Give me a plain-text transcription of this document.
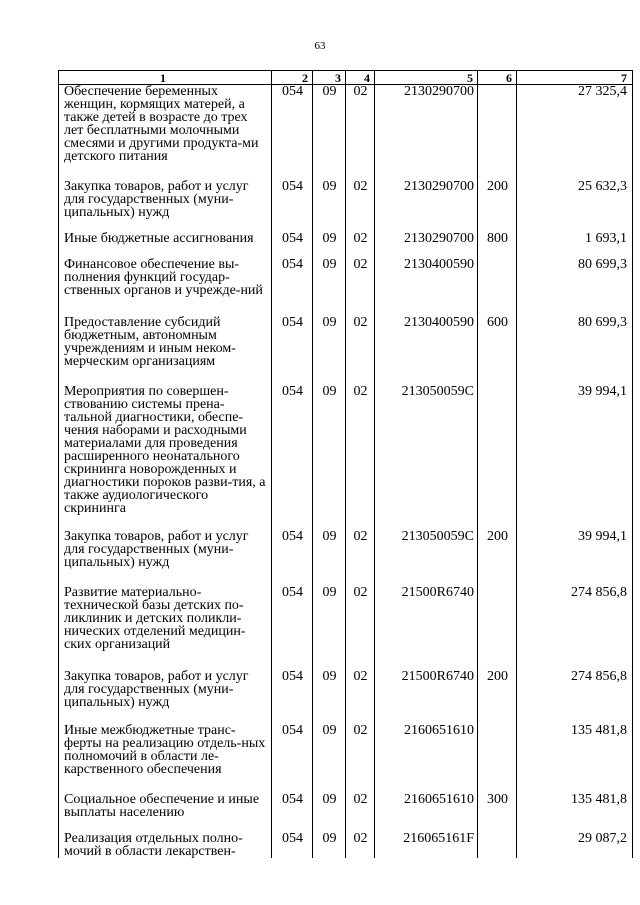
63
1	2	3	4	5	6	7
Обеспечение беременных женщин, кормящих матерей, а также детей в возрасте до трех лет бесплатными молочными смесями и другими продукта-ми детского питания	054	09	02	2130290700		27 325,4

Закупка товаров, работ и услуг для государственных (муни-ципальных) нужд	054	09	02	2130290700	200	25 632,3

Иные бюджетные ассигнования	054	09	02	2130290700	800	1 693,1

Финансовое обеспечение вы-полнения функций государ-ственных органов и учрежде-ний	054	09	02	2130400590		80 699,3

Предоставление субсидий бюджетным, автономным учреждениям и иным неком-мерческим организациям	054	09	02	2130400590	600	80 699,3

Мероприятия по совершен-ствованию системы прена-тальной диагностики, обеспе-чения наборами и расходными материалами для проведения расширенного неонатального скрининга новорожденных и диагностики пороков разви-тия, а также аудиологического скрининга	054	09	02	213050059С		39 994,1

Закупка товаров, работ и услуг для государственных (муни-ципальных) нужд	054	09	02	213050059С	200	39 994,1

Развитие материально-технической базы детских по-ликлиник и детских поликли-нических отделений медицин-ских организаций	054	09	02	21500R6740		274 856,8

Закупка товаров, работ и услуг для государственных (муни-ципальных) нужд	054	09	02	21500R6740	200	274 856,8

Иные межбюджетные транс-ферты на реализацию отдель-ных полномочий в области ле-карственного обеспечения	054	09	02	2160651610		135 481,8

Социальное обеспечение и иные выплаты населению	054	09	02	2160651610	300	135 481,8

Реализация отдельных полно-мочий в области лекарствен-	054	09	02	216065161F		29 087,2
